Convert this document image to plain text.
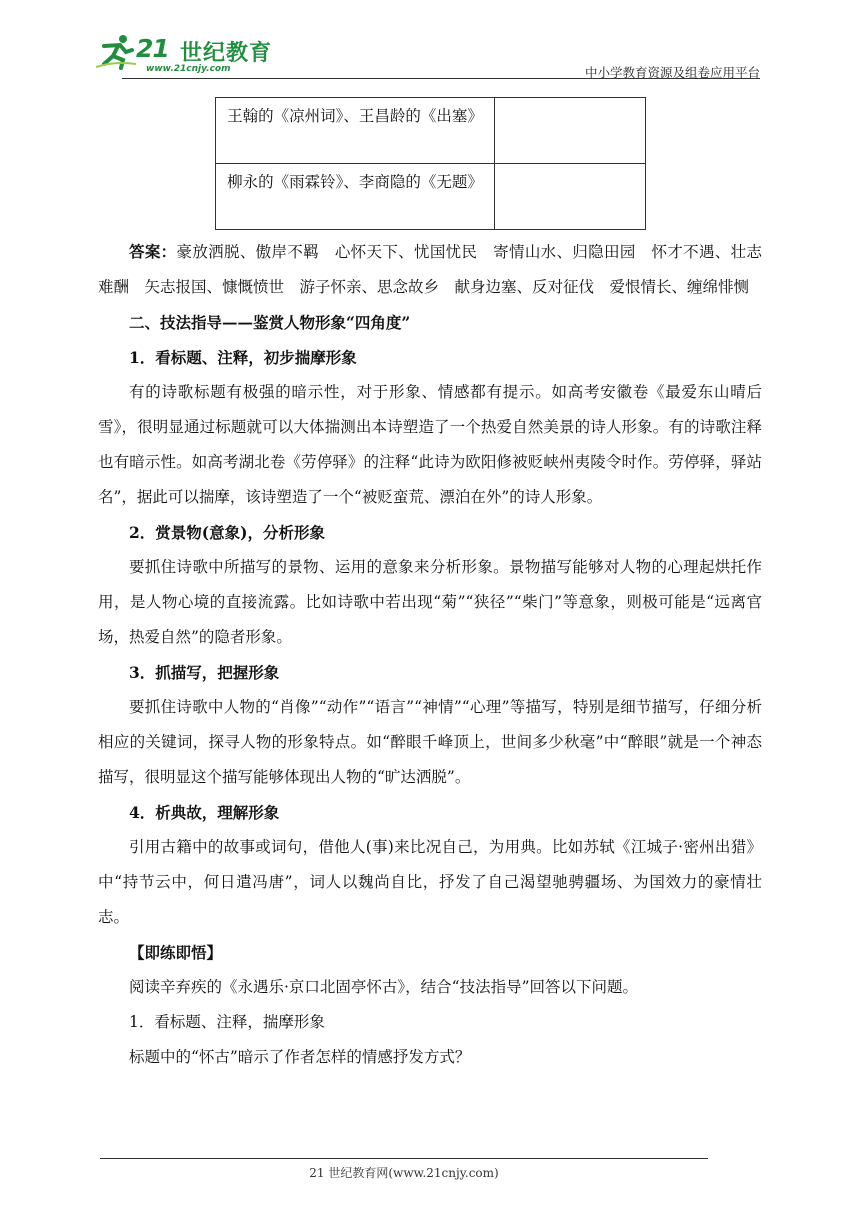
21 世纪教育
www.21cnjy.com	中小学教育资源及组卷应用平台
王翰的《凉州词》、王昌龄的《出塞》	
柳永的《雨霖铃》、李商隐的《无题》	

答案：豪放洒脱、傲岸不羁　心怀天下、忧国忧民　寄情山水、归隐田园　怀才不遇、壮志难酬　矢志报国、慷慨愤世　游子怀亲、思念故乡　献身边塞、反对征伐　爱恨情长、缠绵悱恻

二、技法指导——鉴赏人物形象“四角度”

1．看标题、注释，初步揣摩形象

有的诗歌标题有极强的暗示性，对于形象、情感都有提示。如高考安徽卷《最爱东山晴后雪》，很明显通过标题就可以大体揣测出本诗塑造了一个热爱自然美景的诗人形象。有的诗歌注释也有暗示性。如高考湖北卷《劳停驿》的注释“此诗为欧阳修被贬峡州夷陵令时作。劳停驿，驿站名”，据此可以揣摩，该诗塑造了一个“被贬蛮荒、漂泊在外”的诗人形象。

2．赏景物(意象)，分析形象

要抓住诗歌中所描写的景物、运用的意象来分析形象。景物描写能够对人物的心理起烘托作用，是人物心境的直接流露。比如诗歌中若出现“菊”“狭径”“柴门”等意象，则极可能是“远离官场，热爱自然”的隐者形象。

3．抓描写，把握形象

要抓住诗歌中人物的“肖像”“动作”“语言”“神情”“心理”等描写，特别是细节描写，仔细分析相应的关键词，探寻人物的形象特点。如“醉眼千峰顶上，世间多少秋毫”中“醉眼”就是一个神态描写，很明显这个描写能够体现出人物的“旷达洒脱”。

4．析典故，理解形象

引用古籍中的故事或词句，借他人(事)来比况自己，为用典。比如苏轼《江城子·密州出猎》中“持节云中，何日遣冯唐”，词人以魏尚自比，抒发了自己渴望驰骋疆场、为国效力的豪情壮志。

【即练即悟】

阅读辛弃疾的《永遇乐·京口北固亭怀古》，结合“技法指导”回答以下问题。

1．看标题、注释，揣摩形象

标题中的“怀古”暗示了作者怎样的情感抒发方式？

21 世纪教育网(www.21cnjy.com)
